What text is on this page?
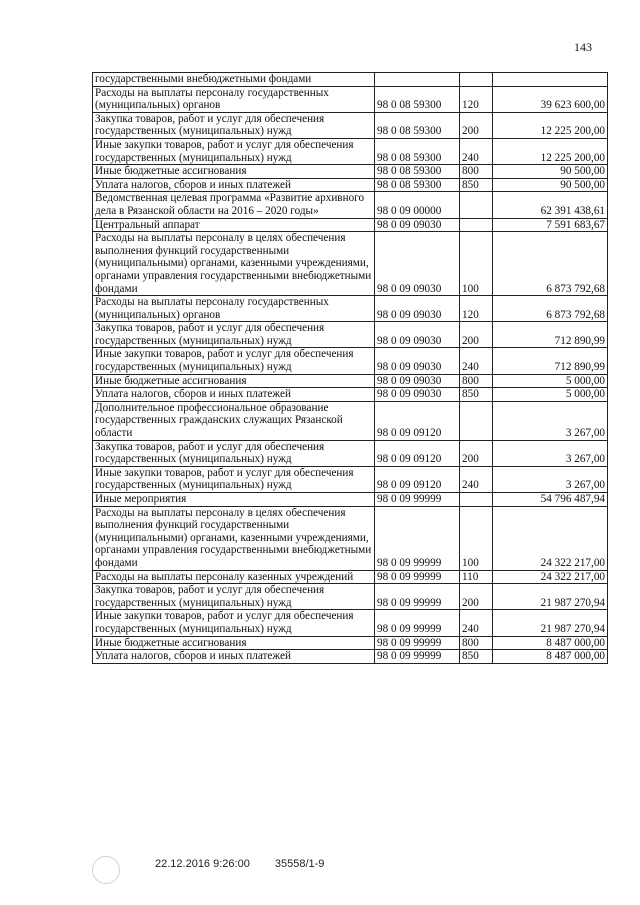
143
государственными внебюджетными фондами			
Расходы на выплаты персоналу государственных (муниципальных) органов	98 0 08 59300	120	39 623 600,00
Закупка товаров, работ и услуг для обеспечения государственных (муниципальных) нужд	98 0 08 59300	200	12 225 200,00
Иные закупки товаров, работ и услуг для обеспечения государственных (муниципальных) нужд	98 0 08 59300	240	12 225 200,00
Иные бюджетные ассигнования	98 0 08 59300	800	90 500,00
Уплата налогов, сборов и иных платежей	98 0 08 59300	850	90 500,00
Ведомственная целевая программа «Развитие архивного дела в Рязанской области на 2016 – 2020 годы»	98 0 09 00000		62 391 438,61
Центральный аппарат	98 0 09 09030		7 591 683,67
Расходы на выплаты персоналу в целях обеспечения выполнения функций государственными (муниципальными) органами, казенными учреждениями, органами управления государственными внебюджетными фондами	98 0 09 09030	100	6 873 792,68
Расходы на выплаты персоналу государственных (муниципальных) органов	98 0 09 09030	120	6 873 792,68
Закупка товаров, работ и услуг для обеспечения государственных (муниципальных) нужд	98 0 09 09030	200	712 890,99
Иные закупки товаров, работ и услуг для обеспечения государственных (муниципальных) нужд	98 0 09 09030	240	712 890,99
Иные бюджетные ассигнования	98 0 09 09030	800	5 000,00
Уплата налогов, сборов и иных платежей	98 0 09 09030	850	5 000,00
Дополнительное профессиональное образование государственных гражданских служащих Рязанской области	98 0 09 09120		3 267,00
Закупка товаров, работ и услуг для обеспечения государственных (муниципальных) нужд	98 0 09 09120	200	3 267,00
Иные закупки товаров, работ и услуг для обеспечения государственных (муниципальных) нужд	98 0 09 09120	240	3 267,00
Иные мероприятия	98 0 09 99999		54 796 487,94
Расходы на выплаты персоналу в целях обеспечения выполнения функций государственными (муниципальными) органами, казенными учреждениями, органами управления государственными внебюджетными фондами	98 0 09 99999	100	24 322 217,00
Расходы на выплаты персоналу казенных учреждений	98 0 09 99999	110	24 322 217,00
Закупка товаров, работ и услуг для обеспечения государственных (муниципальных) нужд	98 0 09 99999	200	21 987 270,94
Иные закупки товаров, работ и услуг для обеспечения государственных (муниципальных) нужд	98 0 09 99999	240	21 987 270,94
Иные бюджетные ассигнования	98 0 09 99999	800	8 487 000,00
Уплата налогов, сборов и иных платежей	98 0 09 99999	850	8 487 000,00
22.12.2016 9:26:00 35558/1-9
